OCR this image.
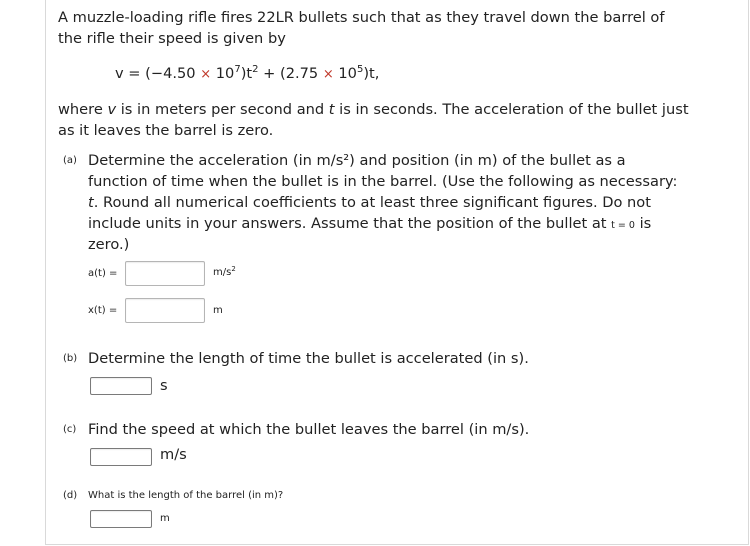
A muzzle-loading rifle fires 22LR bullets such that as they travel down the barrel of
the rifle their speed is given by
$v = (-4.50 \times 10^7)t^2 + (2.75 \times 10^5)t$,
where v is in meters per second and t is in seconds. The acceleration of the bullet just
as it leaves the barrel is zero.
(a) Determine the acceleration (in m/s²) and position (in m) of the bullet as a
function of time when the bullet is in the barrel. (Use the following as necessary:
t. Round all numerical coefficients to at least three significant figures. Do not
include units in your answers. Assume that the position of the bullet at t = 0 is
zero.)
a(t) =	$m/s^2$
x(t) =	m
(b) Determine the length of time the bullet is accelerated (in s).
s
(c) Find the speed at which the bullet leaves the barrel (in m/s).
m/s
(d) What is the length of the barrel (in m)?
m
